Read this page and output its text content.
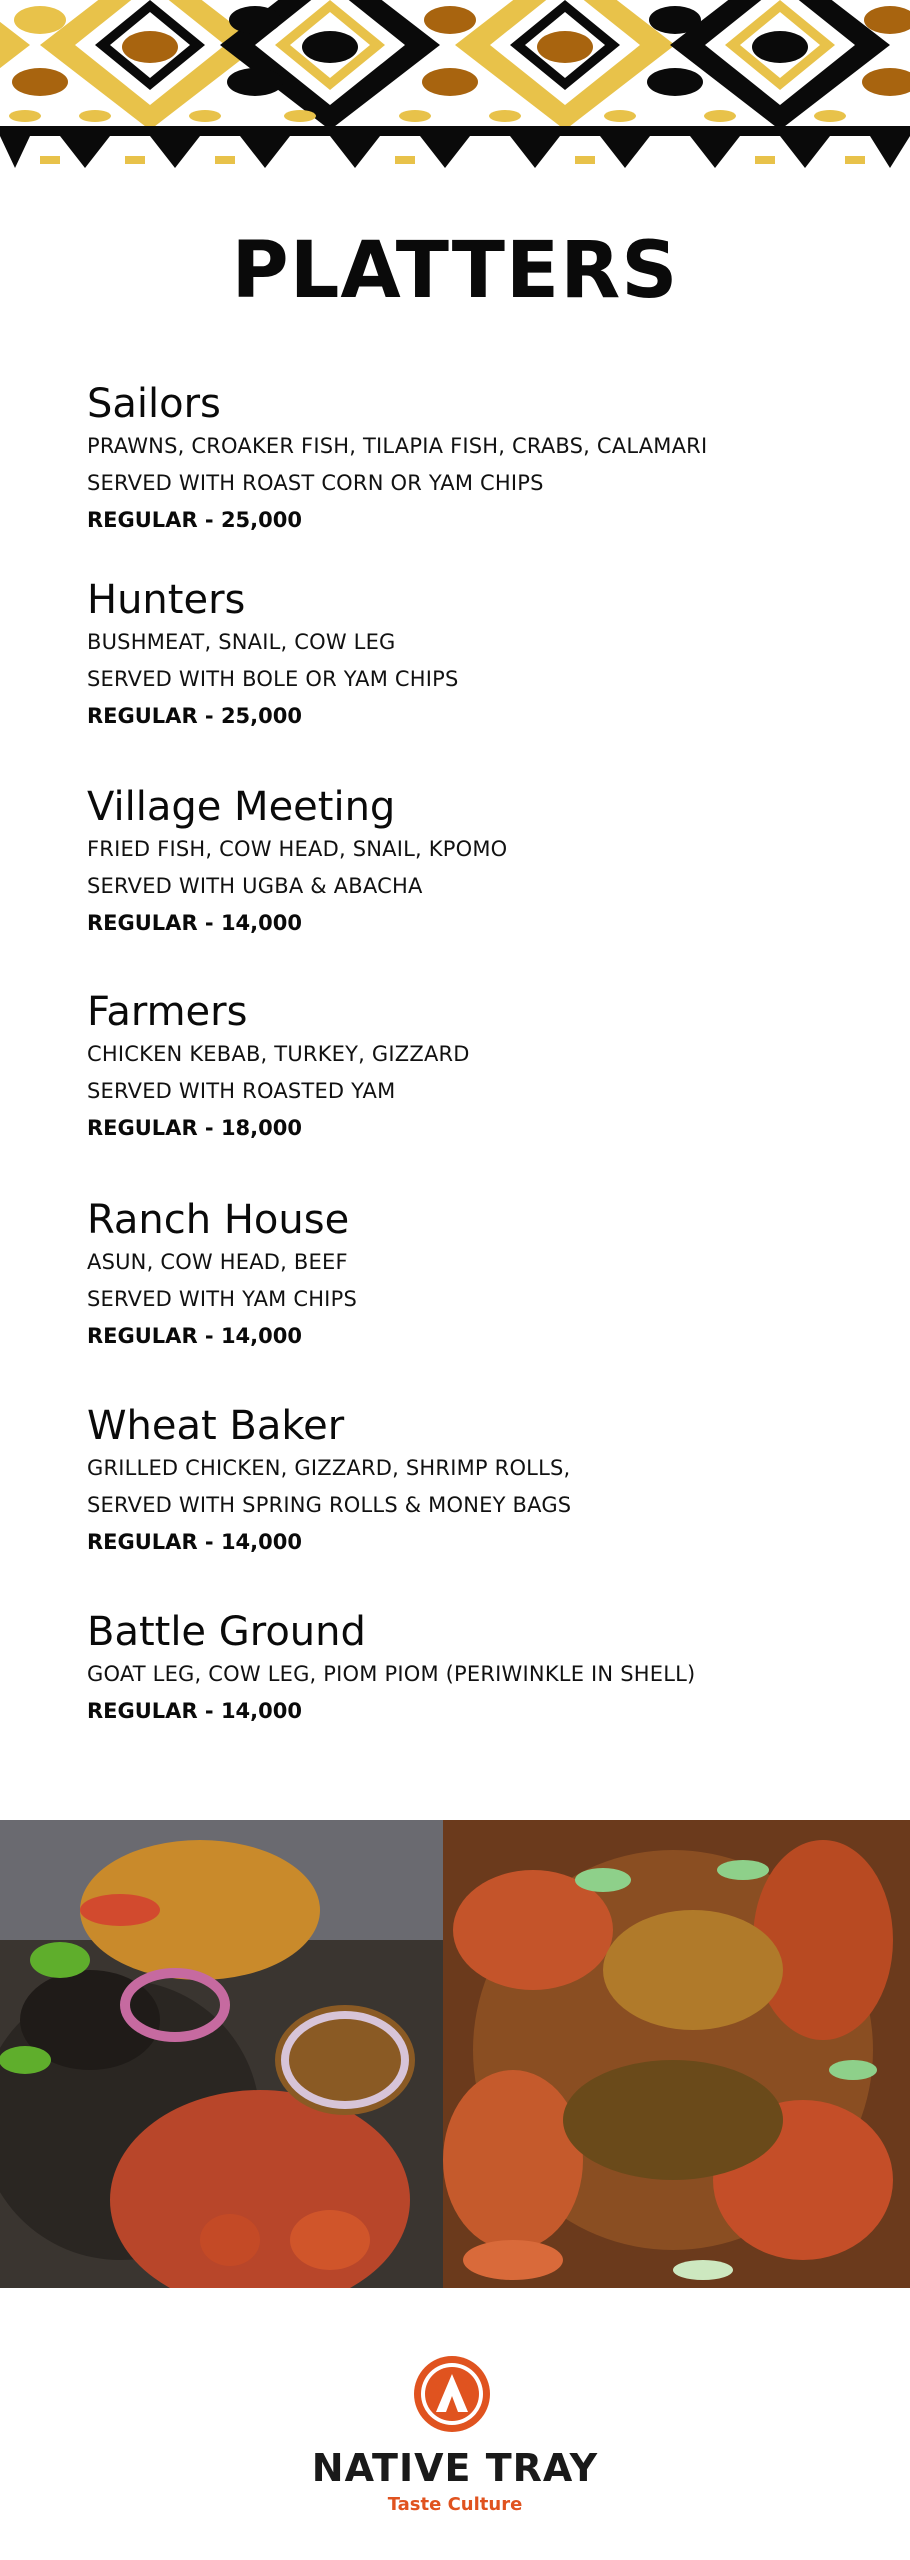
PLATTERS
Sailors
PRAWNS, CROAKER FISH, TILAPIA FISH, CRABS, CALAMARI
SERVED WITH ROAST CORN OR YAM CHIPS
REGULAR - 25,000
Hunters
BUSHMEAT, SNAIL, COW LEG
SERVED WITH BOLE OR YAM CHIPS
REGULAR - 25,000
Village Meeting
FRIED FISH, COW HEAD, SNAIL, KPOMO
SERVED WITH UGBA & ABACHA
REGULAR - 14,000
Farmers
CHICKEN KEBAB, TURKEY, GIZZARD
SERVED WITH ROASTED YAM
REGULAR - 18,000
Ranch House
ASUN, COW HEAD, BEEF
SERVED WITH YAM CHIPS
REGULAR - 14,000
Wheat Baker
GRILLED CHICKEN, GIZZARD, SHRIMP ROLLS,
SERVED WITH SPRING ROLLS & MONEY BAGS
REGULAR - 14,000
Battle Ground
GOAT LEG, COW LEG, PIOM PIOM (PERIWINKLE IN SHELL)
REGULAR - 14,000
NATIVE TRAY
Taste Culture
